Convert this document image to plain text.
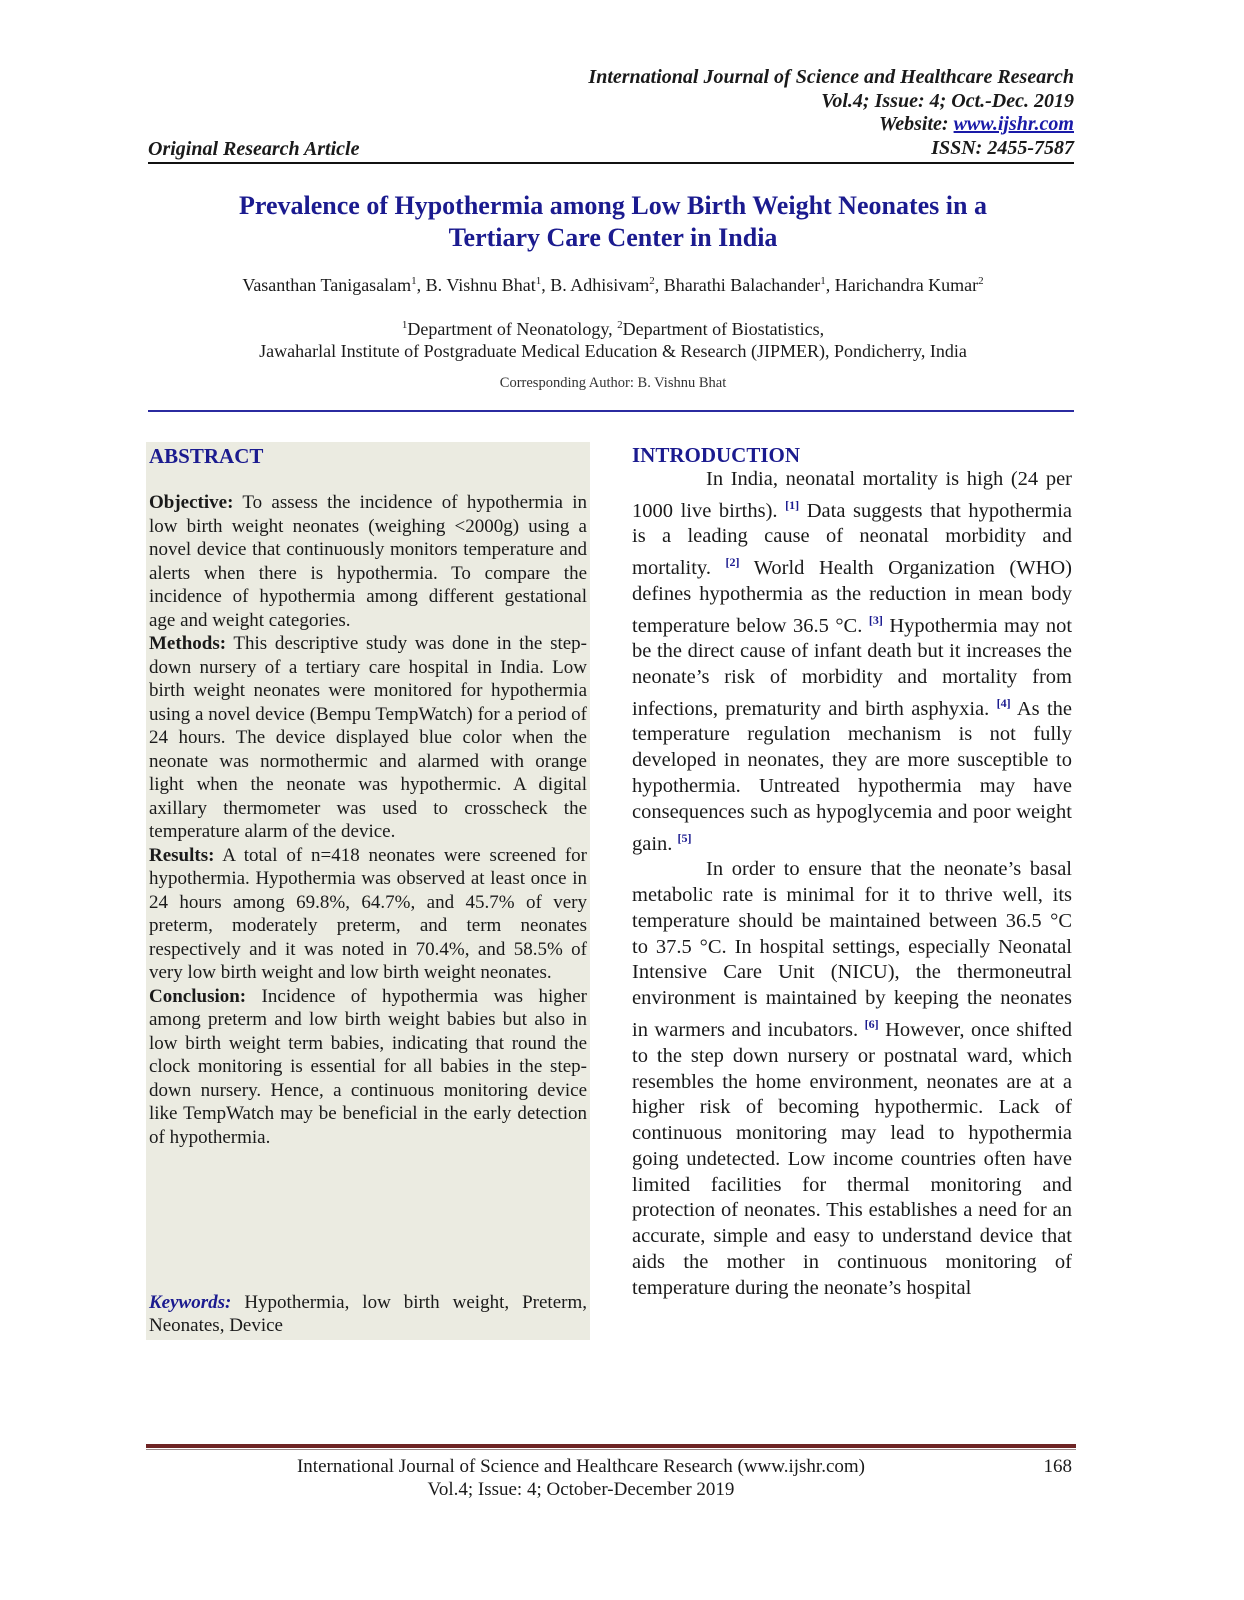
International Journal of Science and Healthcare Research
Vol.4; Issue: 4; Oct.-Dec. 2019
Website: www.ijshr.com
ISSN: 2455-7587
Original Research Article
Prevalence of Hypothermia among Low Birth Weight Neonates in a
Tertiary Care Center in India
Vasanthan Tanigasalam$^1$, B. Vishnu Bhat$^1$, B. Adhisivam$^2$, Bharathi Balachander$^1$, Harichandra Kumar$^2$
$^1$Department of Neonatology, $^2$Department of Biostatistics,
Jawaharlal Institute of Postgraduate Medical Education & Research (JIPMER), Pondicherry, India
Corresponding Author: B. Vishnu Bhat
ABSTRACT

Objective: To assess the incidence of hypothermia in low birth weight neonates (weighing <2000g) using a novel device that continuously monitors temperature and alerts when there is hypothermia. To compare the incidence of hypothermia among different gestational age and weight categories.

Methods: This descriptive study was done in the step-down nursery of a tertiary care hospital in India. Low birth weight neonates were monitored for hypothermia using a novel device (Bempu TempWatch) for a period of 24 hours. The device displayed blue color when the neonate was normothermic and alarmed with orange light when the neonate was hypothermic. A digital axillary thermometer was used to crosscheck the temperature alarm of the device.

Results: A total of n=418 neonates were screened for hypothermia. Hypothermia was observed at least once in 24 hours among 69.8%, 64.7%, and 45.7% of very preterm, moderately preterm, and term neonates respectively and it was noted in 70.4%, and 58.5% of very low birth weight and low birth weight neonates.

Conclusion: Incidence of hypothermia was higher among preterm and low birth weight babies but also in low birth weight term babies, indicating that round the clock monitoring is essential for all babies in the step-down nursery. Hence, a continuous monitoring device like TempWatch may be beneficial in the early detection of hypothermia.

Keywords: Hypothermia, low birth weight, Preterm, Neonates, Device
INTRODUCTION

In India, neonatal mortality is high (24 per 1000 live births). [1] Data suggests that hypothermia is a leading cause of neonatal morbidity and mortality. [2] World Health Organization (WHO) defines hypothermia as the reduction in mean body temperature below 36.5 °C. [3] Hypothermia may not be the direct cause of infant death but it increases the neonate’s risk of morbidity and mortality from infections, prematurity and birth asphyxia. [4] As the temperature regulation mechanism is not fully developed in neonates, they are more susceptible to hypothermia. Untreated hypothermia may have consequences such as hypoglycemia and poor weight gain. [5]

In order to ensure that the neonate’s basal metabolic rate is minimal for it to thrive well, its temperature should be maintained between 36.5 °C to 37.5 °C. In hospital settings, especially Neonatal Intensive Care Unit (NICU), the thermoneutral environment is maintained by keeping the neonates in warmers and incubators. [6] However, once shifted to the step down nursery or postnatal ward, which resembles the home environment, neonates are at a higher risk of becoming hypothermic. Lack of continuous monitoring may lead to hypothermia going undetected. Low income countries often have limited facilities for thermal monitoring and protection of neonates. This establishes a need for an accurate, simple and easy to understand device that aids the mother in continuous monitoring of temperature during the neonate’s hospital

International Journal of Science and Healthcare Research (www.ijshr.com)	168
Vol.4; Issue: 4; October-December 2019
